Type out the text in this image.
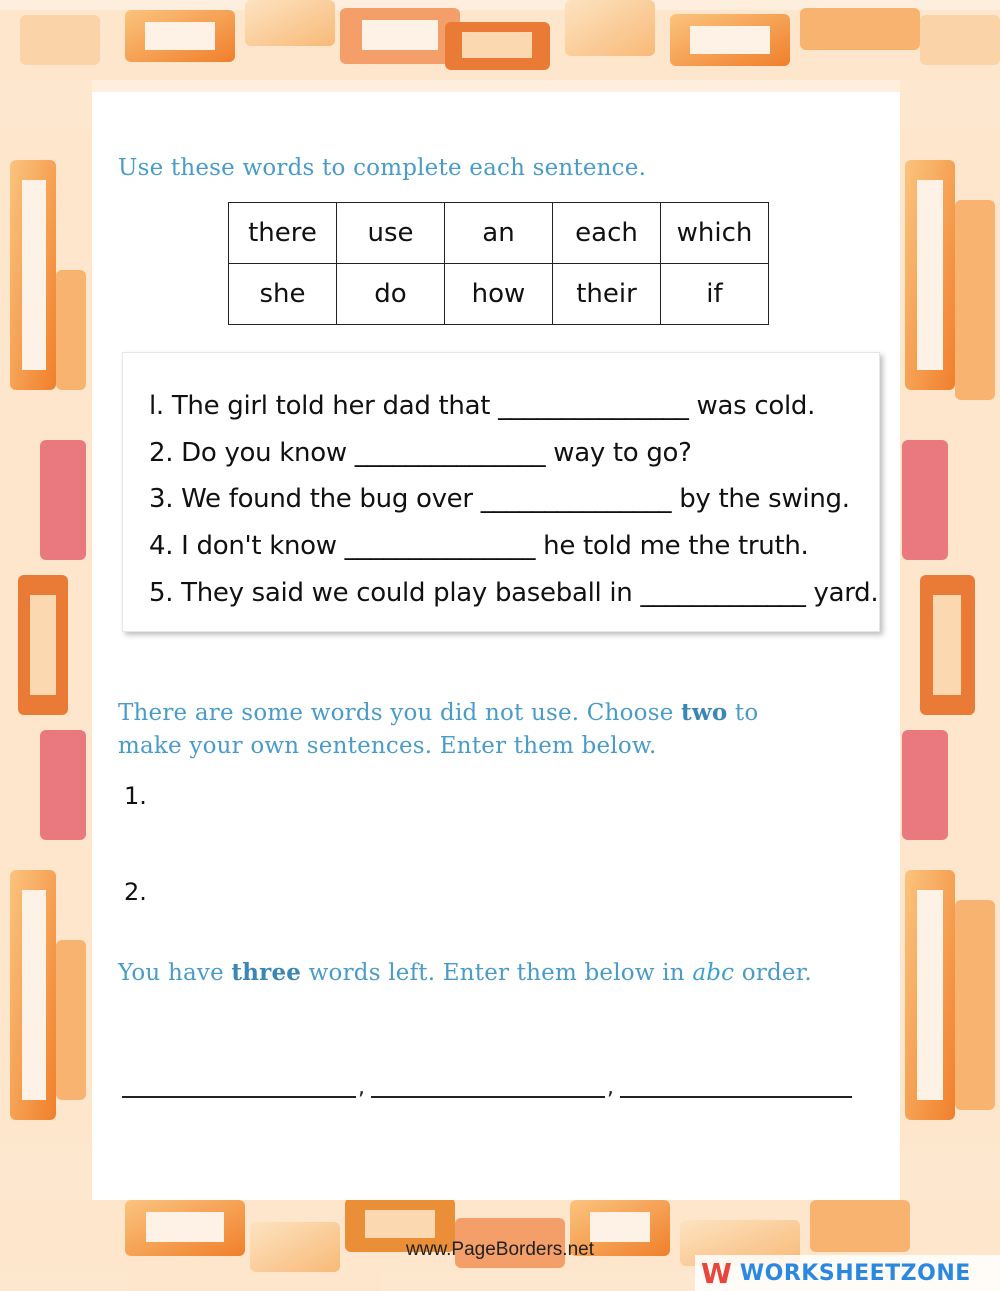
Use these words to complete each sentence.

there	use	an	each	which
she	do	how	their	if
l. The girl told her dad that _______________ was cold.
2. Do you know _______________ way to go?
3. We found the bug over _______________ by the swing.
4. I don't know _______________ he told me the truth.
5. They said we could play baseball in _____________ yard.

There are some words you did not use. Choose two to
make your own sentences. Enter them below.

1.
2.

You have three words left. Enter them below in abc order.

,	,
www.PageBorders.net
W WORKSHEETZONE
